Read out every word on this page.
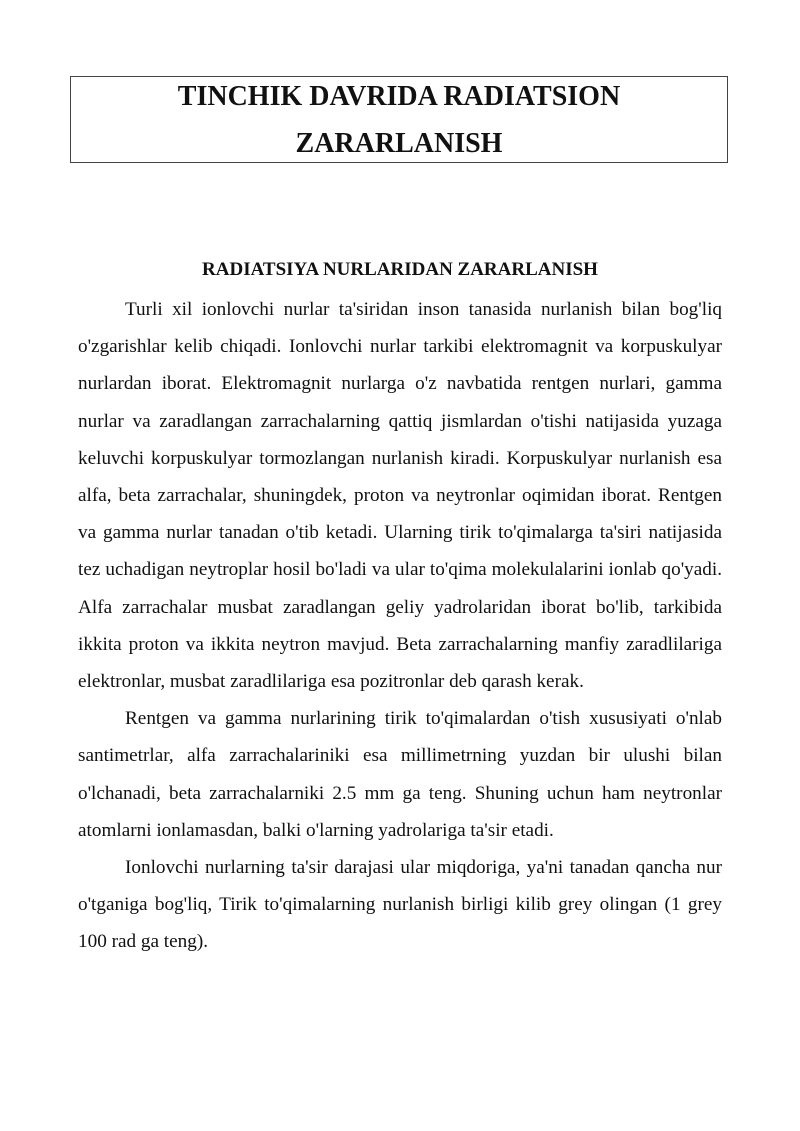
TINCHIK DAVRIDA RADIATSION
ZARARLANISH
RADIATSIYA NURLARIDAN ZARARLANISH

Turli xil ionlovchi nurlar ta'siridan inson tanasida nurlanish bilan bog'liq o'zgarishlar kelib chiqadi. Ionlovchi nurlar tarkibi elektromagnit va korpuskulyar nurlardan iborat. Elektromagnit nurlarga o'z navbatida rentgen nurlari, gamma nurlar va zaradlangan zarrachalarning qattiq jismlardan o'tishi natijasida yuzaga keluvchi korpuskulyar tormozlangan nurlanish kiradi. Korpuskulyar nurlanish esa alfa, beta zarrachalar, shuningdek, proton va neytronlar oqimidan iborat. Rentgen va gamma nurlar tanadan o'tib ketadi. Ularning tirik to'qimalarga ta'siri natijasida tez uchadigan neytroplar hosil bo'ladi va ular to'qima molekulalarini ionlab qo'yadi. Alfa zarrachalar musbat zaradlangan geliy yadrolaridan iborat bo'lib, tarkibida ikkita proton va ikkita neytron mavjud. Beta zarrachalarning manfiy zaradlilariga elektronlar, musbat zaradlilariga esa pozitronlar deb qarash kerak.

Rentgen va gamma nurlarining tirik to'qimalardan o'tish xususiyati o'nlab santimetrlar, alfa zarrachalariniki esa millimetrning yuzdan bir ulushi bilan o'lchanadi, beta zarrachalarniki 2.5 mm ga teng. Shuning uchun ham neytronlar atomlarni ionlamasdan, balki o'larning yadrolariga ta'sir etadi.

Ionlovchi nurlarning ta'sir darajasi ular miqdoriga, ya'ni tanadan qancha nur o'tganiga bog'liq, Tirik to'qimalarning nurlanish birligi kilib grey olingan (1 grey 100 rad ga teng).
